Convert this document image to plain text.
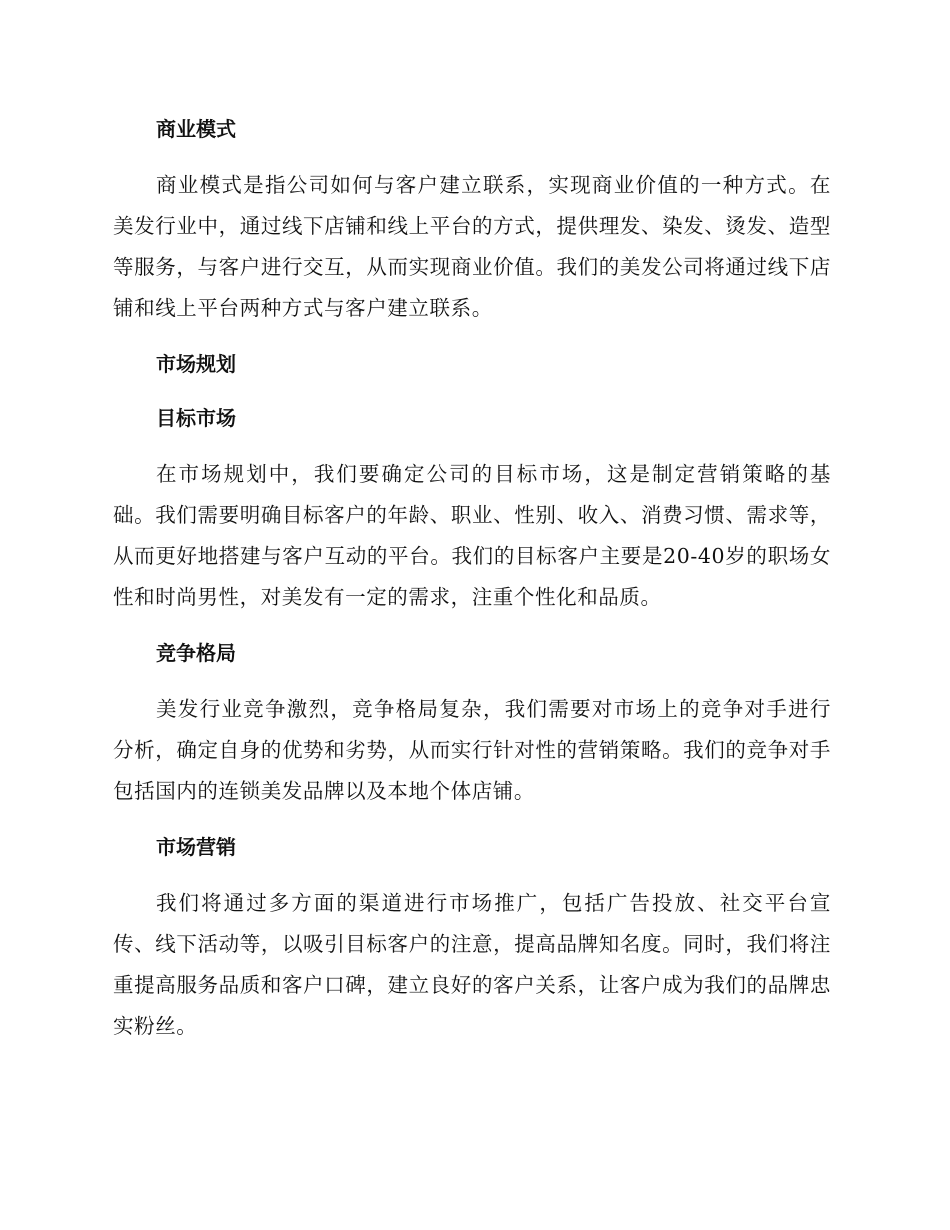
商业模式

商业模式是指公司如何与客户建立联系，实现商业价值的一种方式。在美发行业中，通过线下店铺和线上平台的方式，提供理发、染发、烫发、造型等服务，与客户进行交互，从而实现商业价值。我们的美发公司将通过线下店铺和线上平台两种方式与客户建立联系。

市场规划
目标市场

在市场规划中，我们要确定公司的目标市场，这是制定营销策略的基础。我们需要明确目标客户的年龄、职业、性别、收入、消费习惯、需求等，从而更好地搭建与客户互动的平台。我们的目标客户主要是20-40岁的职场女性和时尚男性，对美发有一定的需求，注重个性化和品质。

竞争格局

美发行业竞争激烈，竞争格局复杂，我们需要对市场上的竞争对手进行分析，确定自身的优势和劣势，从而实行针对性的营销策略。我们的竞争对手包括国内的连锁美发品牌以及本地个体店铺。

市场营销

我们将通过多方面的渠道进行市场推广，包括广告投放、社交平台宣传、线下活动等，以吸引目标客户的注意，提高品牌知名度。同时，我们将注重提高服务品质和客户口碑，建立良好的客户关系，让客户成为我们的品牌忠实粉丝。
